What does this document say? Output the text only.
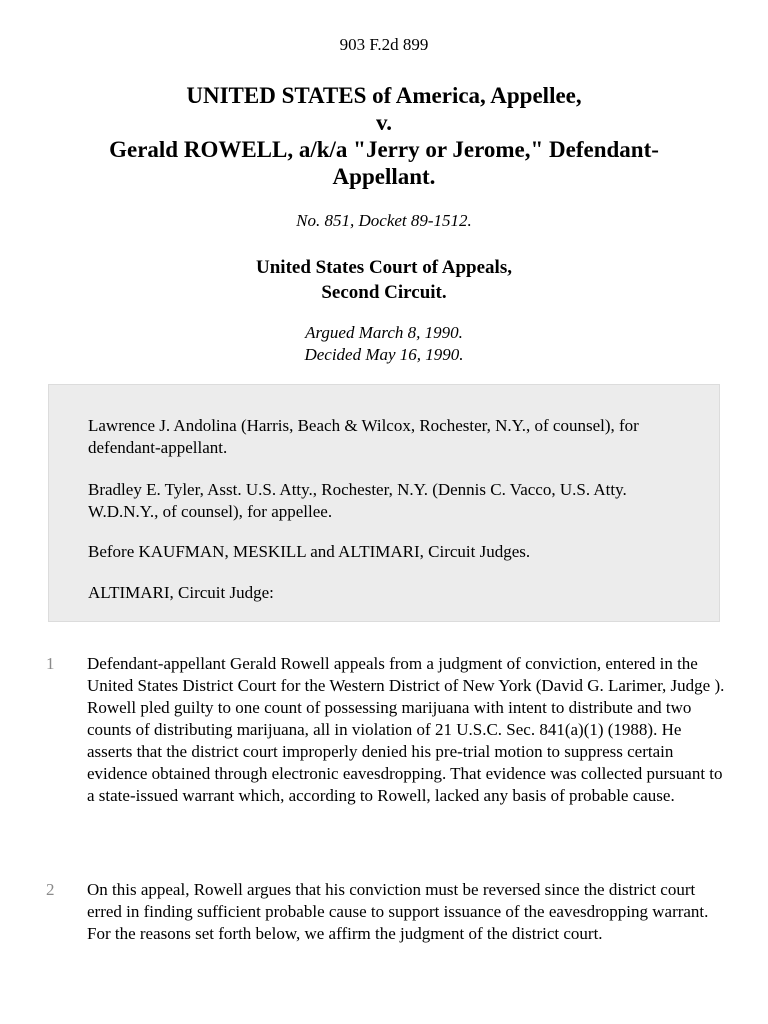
903 F.2d 899
UNITED STATES of America, Appellee,
v.
Gerald ROWELL, a/k/a "Jerry or Jerome," Defendant-
Appellant.
No. 851, Docket 89-1512.
United States Court of Appeals,
Second Circuit.
Argued March 8, 1990.
Decided May 16, 1990.

Lawrence J. Andolina (Harris, Beach & Wilcox, Rochester, N.Y., of counsel), for defendant-appellant.

Bradley E. Tyler, Asst. U.S. Atty., Rochester, N.Y. (Dennis C. Vacco, U.S. Atty. W.D.N.Y., of counsel), for appellee.

Before KAUFMAN, MESKILL and ALTIMARI, Circuit Judges.

ALTIMARI, Circuit Judge:

1 Defendant-appellant Gerald Rowell appeals from a judgment of conviction, entered in the United States District Court for the Western District of New York (David G. Larimer, Judge ). Rowell pled guilty to one count of possessing marijuana with intent to distribute and two counts of distributing marijuana, all in violation of 21 U.S.C. Sec. 841(a)(1) (1988). He asserts that the district court improperly denied his pre-trial motion to suppress certain evidence obtained through electronic eavesdropping. That evidence was collected pursuant to a state-issued warrant which, according to Rowell, lacked any basis of probable cause.
2 On this appeal, Rowell argues that his conviction must be reversed since the district court erred in finding sufficient probable cause to support issuance of the eavesdropping warrant. For the reasons set forth below, we affirm the judgment of the district court.
